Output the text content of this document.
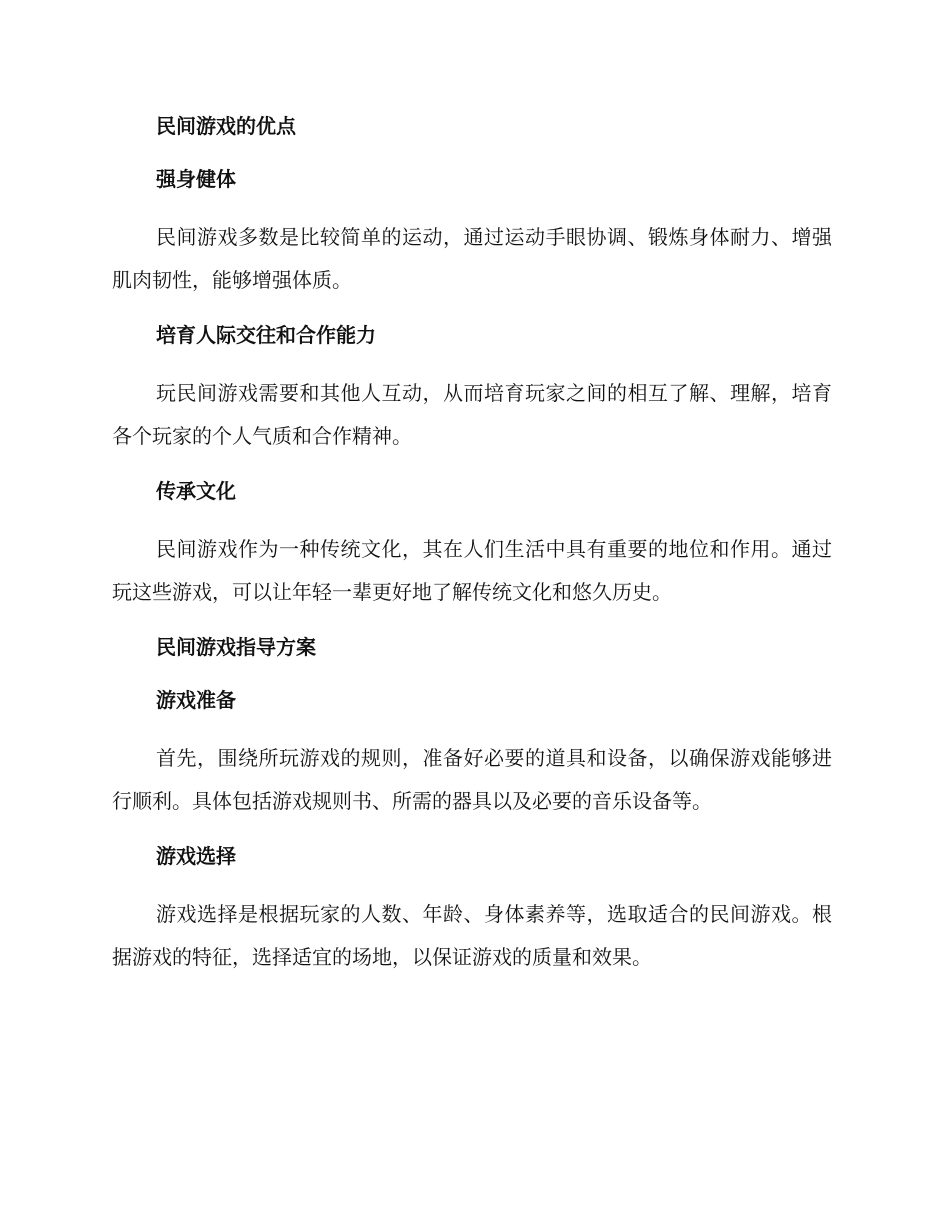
民间游戏的优点
强身健体
民间游戏多数是比较简单的运动，通过运动手眼协调、锻炼身体耐力、增强肌肉韧性，能够增强体质。
培育人际交往和合作能力
玩民间游戏需要和其他人互动，从而培育玩家之间的相互了解、理解，培育各个玩家的个人气质和合作精神。
传承文化
民间游戏作为一种传统文化，其在人们生活中具有重要的地位和作用。通过玩这些游戏，可以让年轻一辈更好地了解传统文化和悠久历史。
民间游戏指导方案
游戏准备
首先，围绕所玩游戏的规则，准备好必要的道具和设备，以确保游戏能够进行顺利。具体包括游戏规则书、所需的器具以及必要的音乐设备等。
游戏选择
游戏选择是根据玩家的人数、年龄、身体素养等，选取适合的民间游戏。根据游戏的特征，选择适宜的场地，以保证游戏的质量和效果。
